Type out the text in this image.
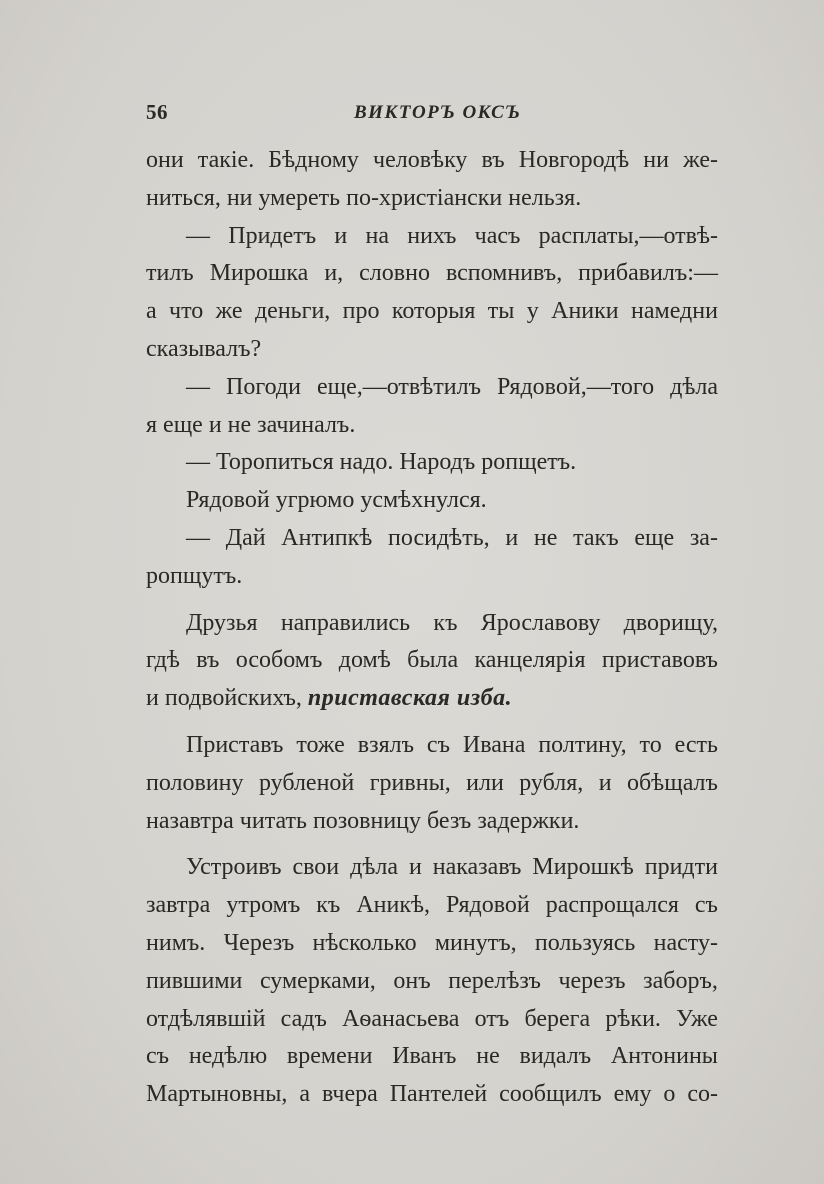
56	ВИКТОРЪ ОКСЪ
они такіе. Бѣдному человѣку въ Новгородѣ ни же-
ниться, ни умереть по-христіански нельзя.
— Придетъ и на нихъ часъ расплаты,—отвѣ-
тилъ Мирошка и, словно вспомнивъ, прибавилъ:—
а что же деньги, про которыя ты у Аники намедни
сказывалъ?
— Погоди еще,—отвѣтилъ Рядовой,—того дѣла
я еще и не зачиналъ.
— Торопиться надо. Народъ ропщетъ.
Рядовой угрюмо усмѣхнулся.
— Дай Антипкѣ посидѣть, и не такъ еще за-
ропщутъ.
Друзья направились къ Ярославову дворищу,
гдѣ въ особомъ домѣ была канцелярія приставовъ
и подвойскихъ, приставская изба.
Приставъ тоже взялъ съ Ивана полтину, то есть
половину рубленой гривны, или рубля, и обѣщалъ
назавтра читать позовницу безъ задержки.
Устроивъ свои дѣла и наказавъ Мирошкѣ придти
завтра утромъ къ Аникѣ, Рядовой распрощался съ
нимъ. Черезъ нѣсколько минутъ, пользуясь насту-
пившими сумерками, онъ перелѣзъ черезъ заборъ,
отдѣлявшій садъ Аѳанасьева отъ берега рѣки. Уже
съ недѣлю времени Иванъ не видалъ Антонины
Мартыновны, а вчера Пантелей сообщилъ ему о со-
